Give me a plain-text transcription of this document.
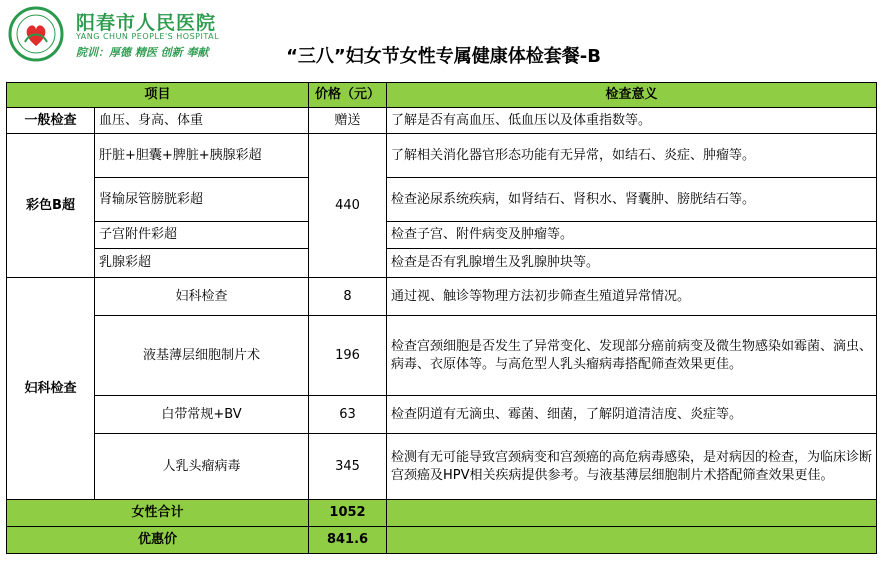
阳春市人民医院
YANG CHUN PEOPLE'S HOSPITAL
院训：厚德 精医 创新 奉献	“三八”妇女节女性专属健康体检套餐-B
项目		价格（元）	检查意义
一般检查	血压、身高、体重	赠送	了解是否有高血压、低血压以及体重指数等。
彩色B超	肝脏+胆囊+脾脏+胰腺彩超	440	了解相关消化器官形态功能有无异常，如结石、炎症、肿瘤等。
	肾输尿管膀胱彩超		检查泌尿系统疾病，如肾结石、肾积水、肾囊肿、膀胱结石等。
	子宫附件彩超		检查子宫、附件病变及肿瘤等。
	乳腺彩超		检查是否有乳腺增生及乳腺肿块等。
妇科检查	妇科检查	8	通过视、触诊等物理方法初步筛查生殖道异常情况。
	液基薄层细胞制片术	196	检查宫颈细胞是否发生了异常变化、发现部分癌前病变及微生物感染如霉菌、滴虫、病毒、衣原体等。与高危型人乳头瘤病毒搭配筛查效果更佳。
	白带常规+BV	63	检查阴道有无滴虫、霉菌、细菌，了解阴道清洁度、炎症等。
	人乳头瘤病毒	345	检测有无可能导致宫颈病变和宫颈癌的高危病毒感染，是对病因的检查，为临床诊断宫颈癌及HPV相关疾病提供参考。与液基薄层细胞制片术搭配筛查效果更佳。
女性合计		1052	
优惠价		841.6	
